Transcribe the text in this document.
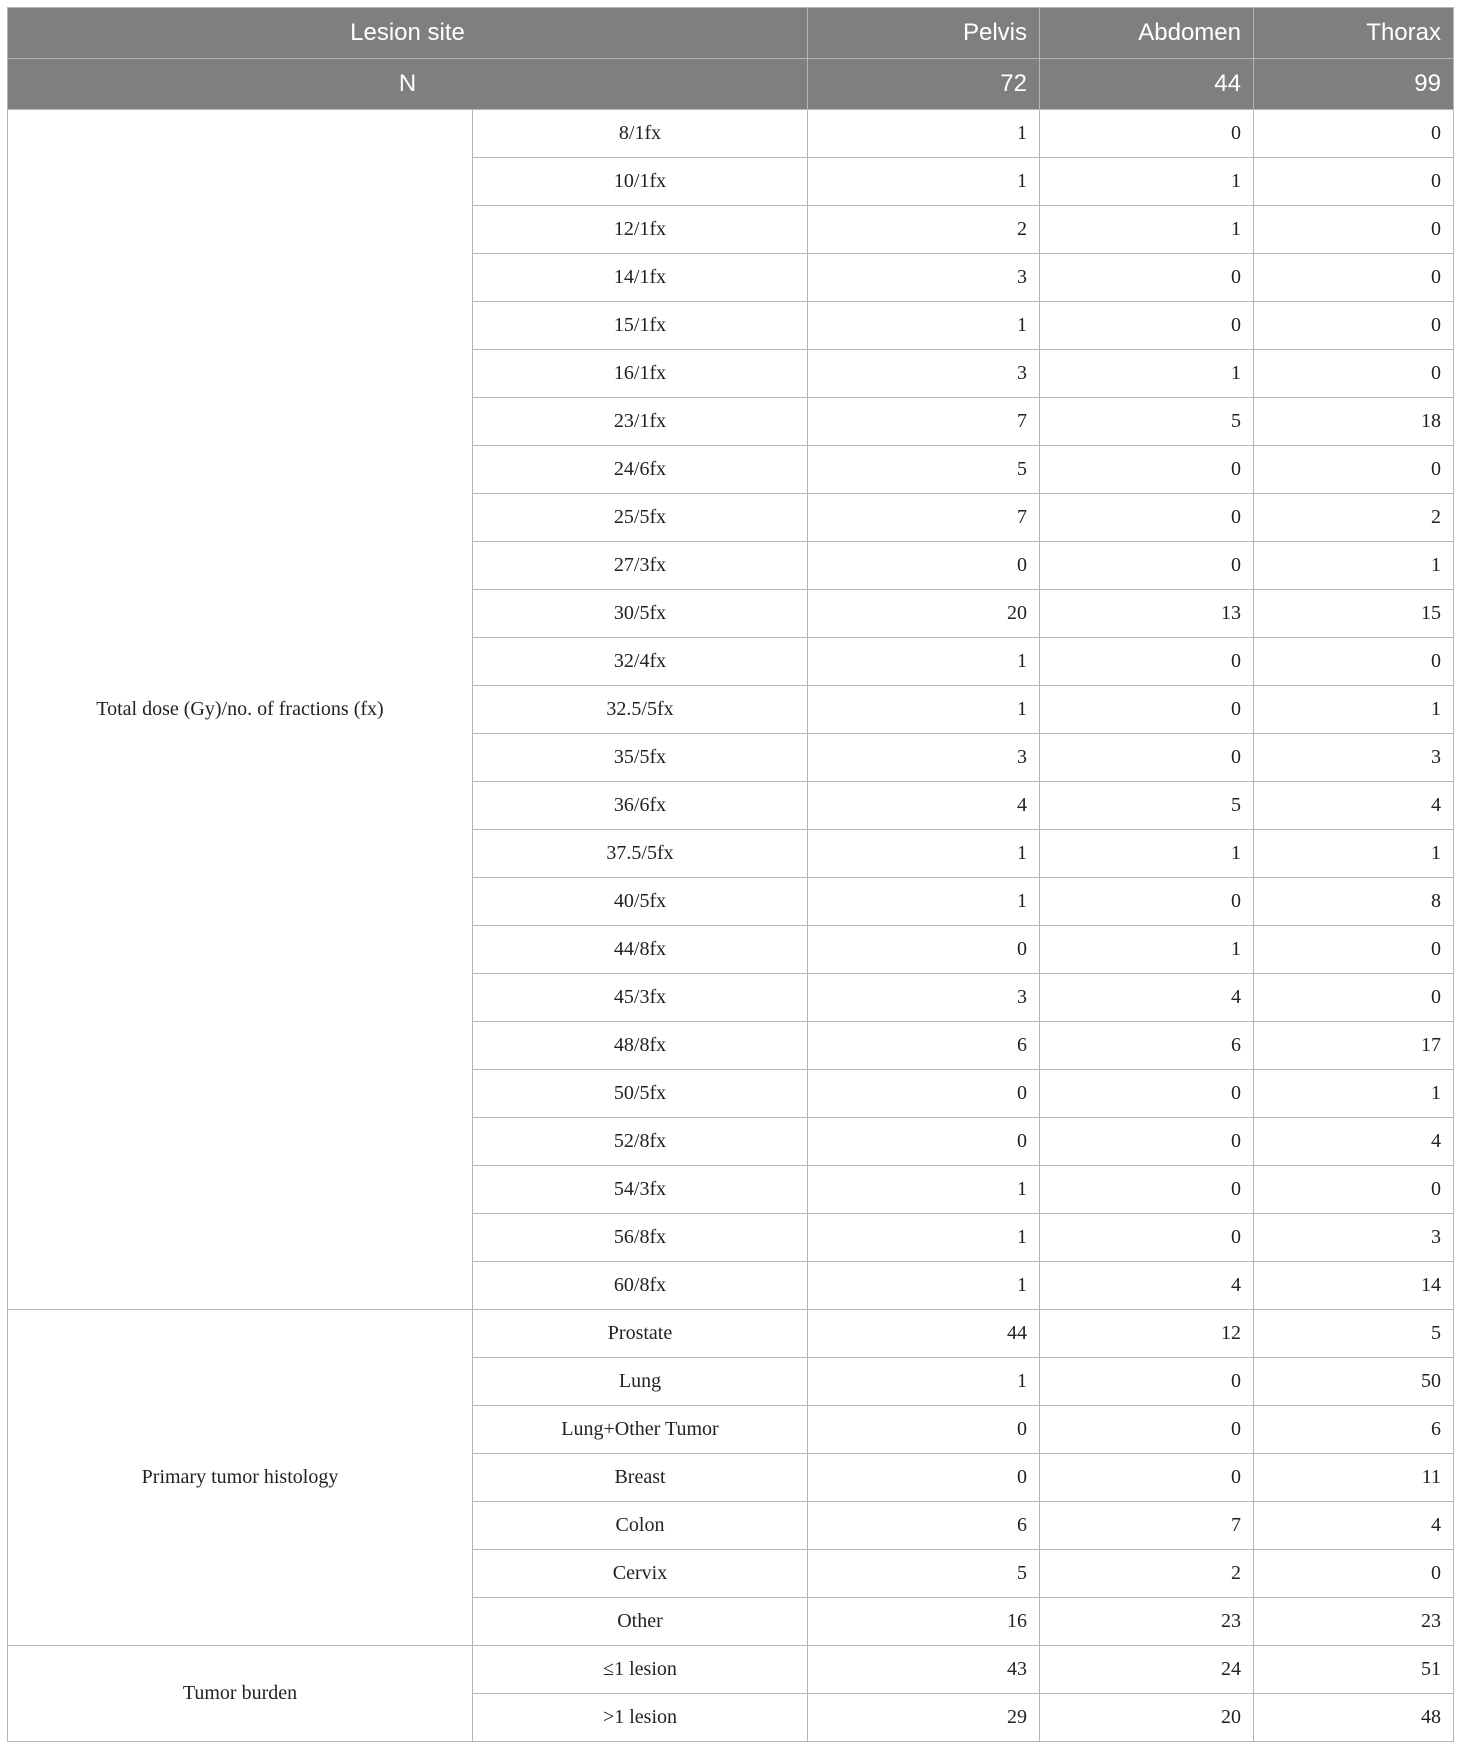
Lesion site		Pelvis	Abdomen	Thorax
N		72	44	99
Total dose (Gy)/no. of fractions (fx)	8/1fx	1	0	0
	10/1fx	1	1	0
	12/1fx	2	1	0
	14/1fx	3	0	0
	15/1fx	1	0	0
	16/1fx	3	1	0
	23/1fx	7	5	18
	24/6fx	5	0	0
	25/5fx	7	0	2
	27/3fx	0	0	1
	30/5fx	20	13	15
	32/4fx	1	0	0
	32.5/5fx	1	0	1
	35/5fx	3	0	3
	36/6fx	4	5	4
	37.5/5fx	1	1	1
	40/5fx	1	0	8
	44/8fx	0	1	0
	45/3fx	3	4	0
	48/8fx	6	6	17
	50/5fx	0	0	1
	52/8fx	0	0	4
	54/3fx	1	0	0
	56/8fx	1	0	3
	60/8fx	1	4	14
Primary tumor histology	Prostate	44	12	5
	Lung	1	0	50
	Lung+Other Tumor	0	0	6
	Breast	0	0	11
	Colon	6	7	4
	Cervix	5	2	0
	Other	16	23	23
Tumor burden	≤1 lesion	43	24	51
	>1 lesion	29	20	48
